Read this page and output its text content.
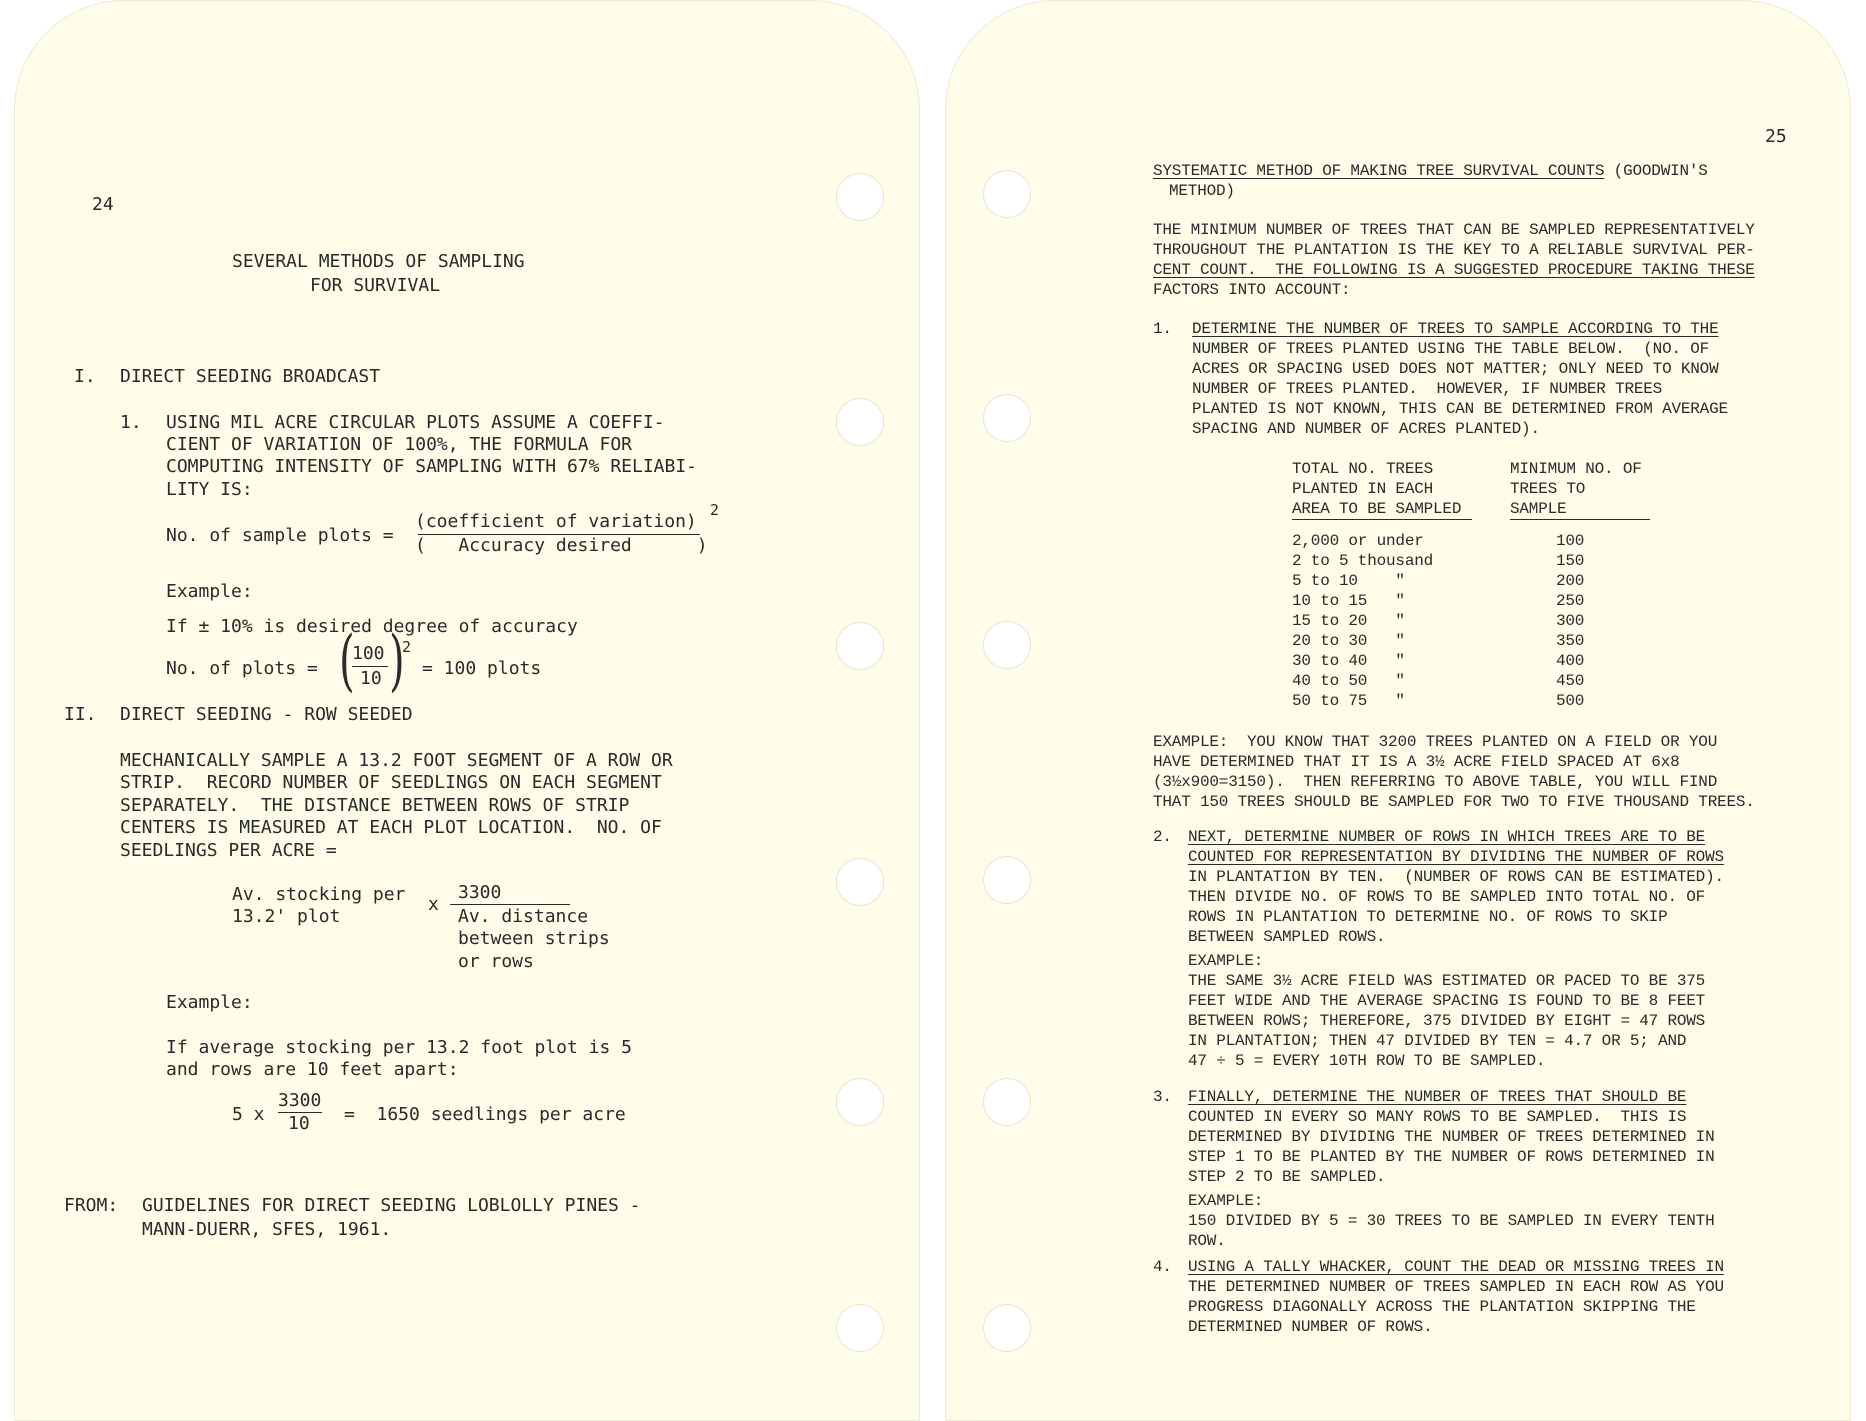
24
SEVERAL METHODS OF SAMPLING
FOR SURVIVAL
I. DIRECT SEEDING BROADCAST
1. USING MIL ACRE CIRCULAR PLOTS ASSUME A COEFFI-
CIENT OF VARIATION OF 100%, THE FORMULA FOR
COMPUTING INTENSITY OF SAMPLING WITH 67% RELIABI-
LITY IS:
No. of sample plots =
(coefficient of variation)
2
(   Accuracy desired      )
Example:
If ± 10% is desired degree of accuracy
No. of plots = (
100
10 )
2
= 100 plots
II. DIRECT SEEDING - ROW SEEDED
MECHANICALLY SAMPLE A 13.2 FOOT SEGMENT OF A ROW OR
STRIP.  RECORD NUMBER OF SEEDLINGS ON EACH SEGMENT
SEPARATELY.  THE DISTANCE BETWEEN ROWS OF STRIP
CENTERS IS MEASURED AT EACH PLOT LOCATION.  NO. OF
SEEDLINGS PER ACRE =
Av. stocking per
13.2' plot
x
3300
Av. distance
between strips
or rows
Example:
If average stocking per 13.2 foot plot is 5
and rows are 10 feet apart:
5 x
3300
10 =  1650 seedlings per acre
FROM: GUIDELINES FOR DIRECT SEEDING LOBLOLLY PINES -
MANN-DUERR, SFES, 1961.
25
SYSTEMATIC METHOD OF MAKING TREE SURVIVAL COUNTS (GOODWIN'S
METHOD)
THE MINIMUM NUMBER OF TREES THAT CAN BE SAMPLED REPRESENTATIVELY
THROUGHOUT THE PLANTATION IS THE KEY TO A RELIABLE SURVIVAL PER-
CENT COUNT.  THE FOLLOWING IS A SUGGESTED PROCEDURE TAKING THESE
FACTORS INTO ACCOUNT:
1. DETERMINE THE NUMBER OF TREES TO SAMPLE ACCORDING TO THE
NUMBER OF TREES PLANTED USING THE TABLE BELOW.  (NO. OF
ACRES OR SPACING USED DOES NOT MATTER; ONLY NEED TO KNOW
NUMBER OF TREES PLANTED.  HOWEVER, IF NUMBER TREES
PLANTED IS NOT KNOWN, THIS CAN BE DETERMINED FROM AVERAGE
SPACING AND NUMBER OF ACRES PLANTED).
TOTAL NO. TREES
PLANTED IN EACH
AREA TO BE SAMPLED
MINIMUM NO. OF
TREES TO
SAMPLE
2,000 or under	100
2 to 5 thousand	150
5 to 10    "	200
10 to 15   "	250
15 to 20   "	300
20 to 30   "	350
30 to 40   "	400
40 to 50   "	450
50 to 75   "	500
EXAMPLE:  YOU KNOW THAT 3200 TREES PLANTED ON A FIELD OR YOU
HAVE DETERMINED THAT IT IS A 3½ ACRE FIELD SPACED AT 6x8
(3½x900=3150).  THEN REFERRING TO ABOVE TABLE, YOU WILL FIND
THAT 150 TREES SHOULD BE SAMPLED FOR TWO TO FIVE THOUSAND TREES.
2. NEXT, DETERMINE NUMBER OF ROWS IN WHICH TREES ARE TO BE
COUNTED FOR REPRESENTATION BY DIVIDING THE NUMBER OF ROWS
IN PLANTATION BY TEN.  (NUMBER OF ROWS CAN BE ESTIMATED).
THEN DIVIDE NO. OF ROWS TO BE SAMPLED INTO TOTAL NO. OF
ROWS IN PLANTATION TO DETERMINE NO. OF ROWS TO SKIP
BETWEEN SAMPLED ROWS.
EXAMPLE:
THE SAME 3½ ACRE FIELD WAS ESTIMATED OR PACED TO BE 375
FEET WIDE AND THE AVERAGE SPACING IS FOUND TO BE 8 FEET
BETWEEN ROWS; THEREFORE, 375 DIVIDED BY EIGHT = 47 ROWS
IN PLANTATION; THEN 47 DIVIDED BY TEN = 4.7 OR 5; AND
47 ÷ 5 = EVERY 10TH ROW TO BE SAMPLED.
3. FINALLY, DETERMINE THE NUMBER OF TREES THAT SHOULD BE
COUNTED IN EVERY SO MANY ROWS TO BE SAMPLED.  THIS IS
DETERMINED BY DIVIDING THE NUMBER OF TREES DETERMINED IN
STEP 1 TO BE PLANTED BY THE NUMBER OF ROWS DETERMINED IN
STEP 2 TO BE SAMPLED.
EXAMPLE:
150 DIVIDED BY 5 = 30 TREES TO BE SAMPLED IN EVERY TENTH
ROW.
4. USING A TALLY WHACKER, COUNT THE DEAD OR MISSING TREES IN
THE DETERMINED NUMBER OF TREES SAMPLED IN EACH ROW AS YOU
PROGRESS DIAGONALLY ACROSS THE PLANTATION SKIPPING THE
DETERMINED NUMBER OF ROWS.
